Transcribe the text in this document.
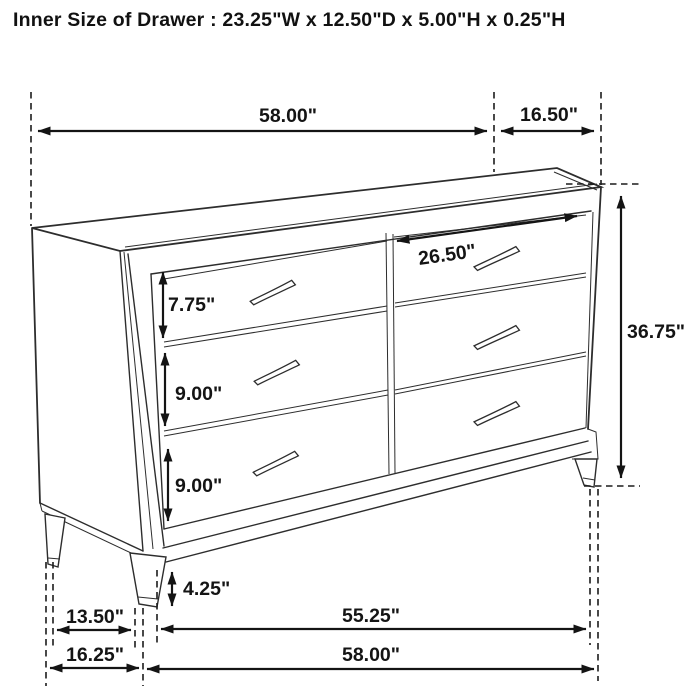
Inner Size of Drawer : 23.25"W x 12.50"D x 5.00"H x 0.25"H
58.00"	16.50"
26.50"
7.75"
9.00"
9.00"
36.75"
4.25"
13.50"
16.25"
55.25"
58.00"
